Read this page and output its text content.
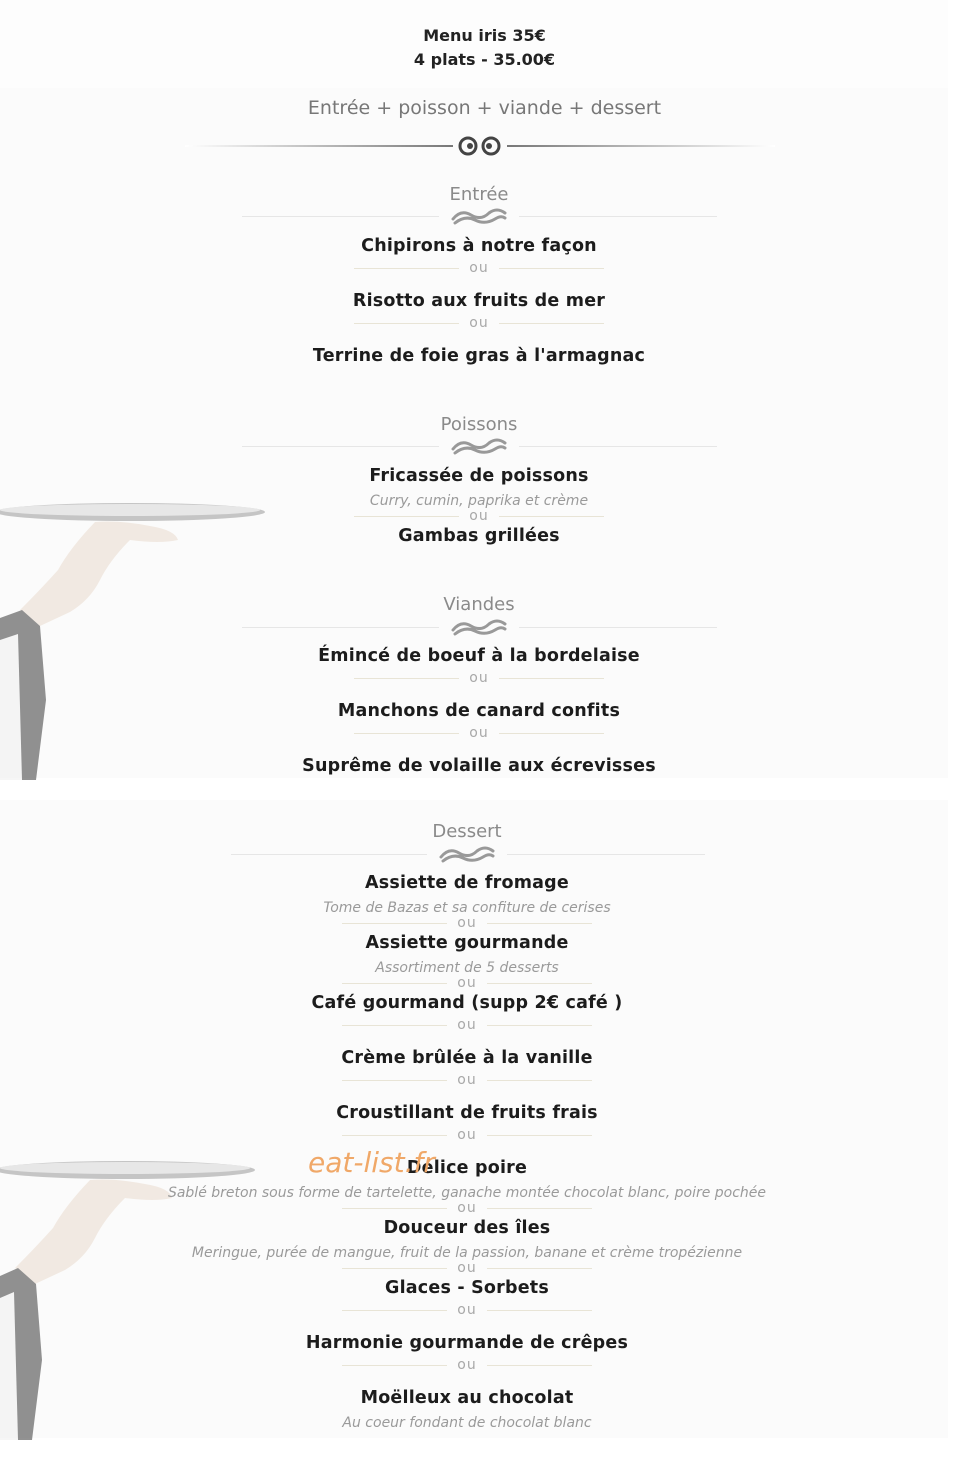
Menu iris 35€
4 plats - 35.00€
Entrée + poisson + viande + dessert
Entrée
Chipirons à notre façon
ou
Risotto aux fruits de mer
ou
Terrine de foie gras à l'armagnac
Poissons
Fricassée de poissons
Curry, cumin, paprika et crème
ou
Gambas grillées
Viandes
Émincé de boeuf à la bordelaise
ou
Manchons de canard confits
ou
Suprême de volaille aux écrevisses
Dessert
Assiette de fromage
Tome de Bazas et sa confiture de cerises
ou
Assiette gourmande
Assortiment de 5 desserts
ou
Café gourmand (supp 2€ café )
ou
Crème brûlée à la vanille
ou
Croustillant de fruits frais
ou
Délice poire
Sablé breton sous forme de tartelette, ganache montée chocolat blanc, poire pochée
ou
Douceur des îles
Meringue, purée de mangue, fruit de la passion, banane et crème tropézienne
ou
Glaces - Sorbets
ou
Harmonie gourmande de crêpes
ou
Moëlleux au chocolat
Au coeur fondant de chocolat blanc
eat-list.fr
